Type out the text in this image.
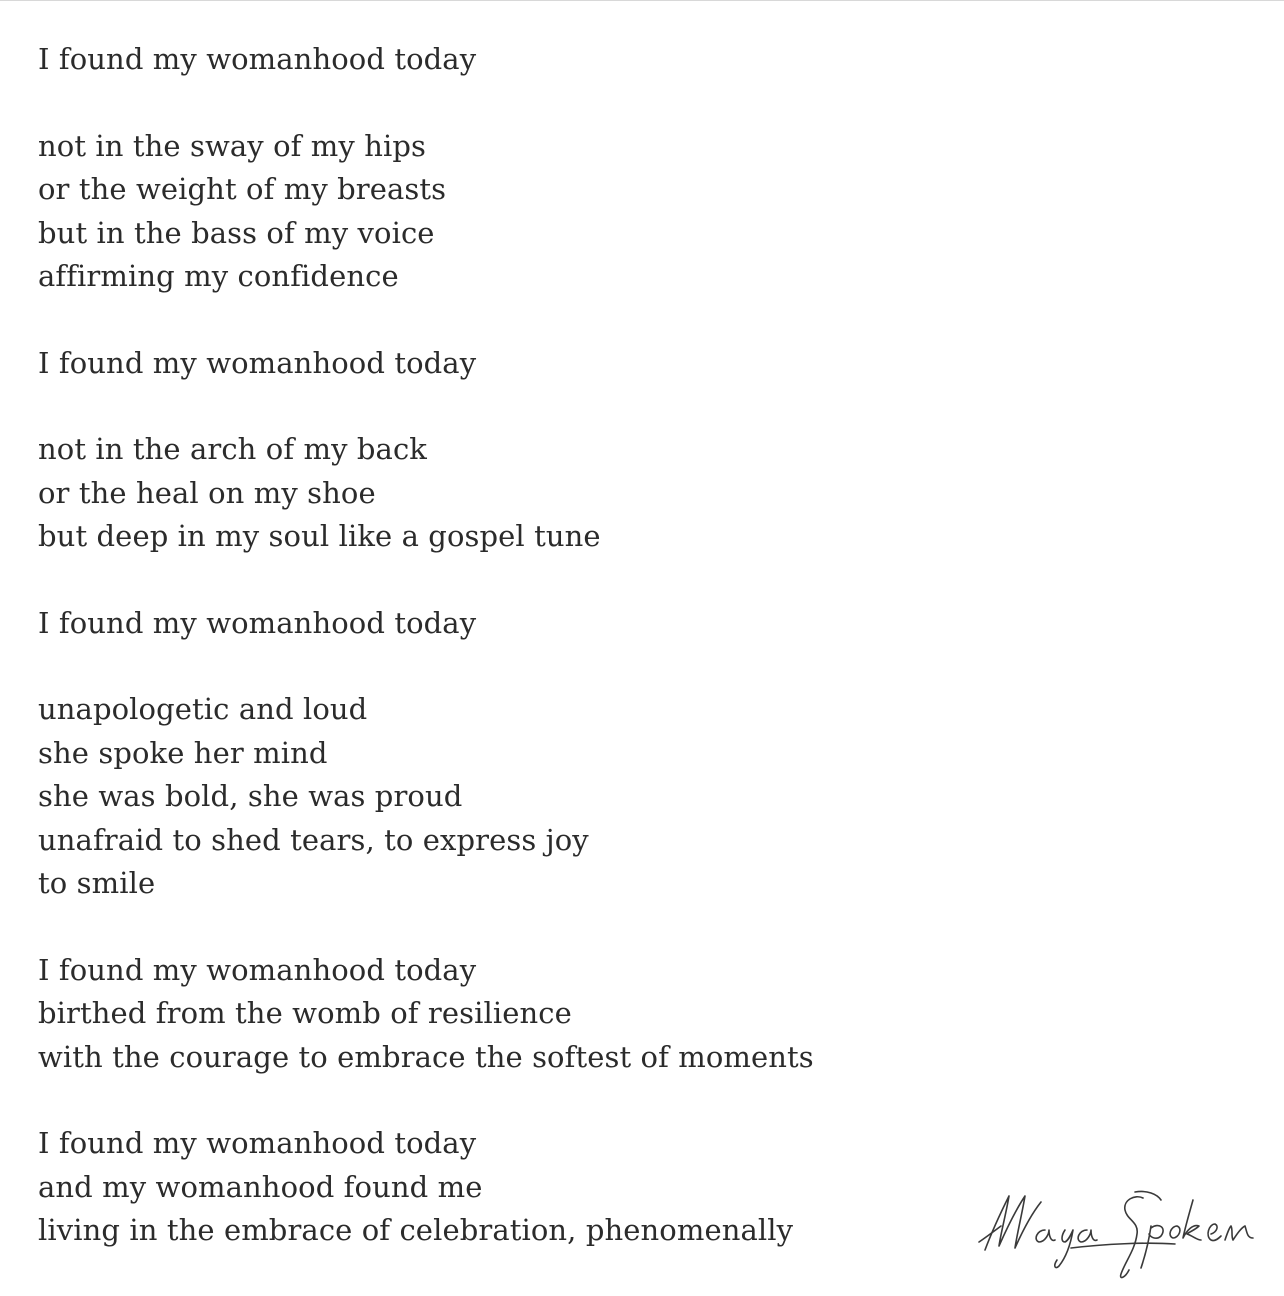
I found my womanhood today
not in the sway of my hips
or the weight of my breasts
but in the bass of my voice
affirming my confidence
I found my womanhood today
not in the arch of my back
or the heal on my shoe
but deep in my soul like a gospel tune
I found my womanhood today
unapologetic and loud
she spoke her mind
she was bold, she was proud
unafraid to shed tears, to express joy
to smile
I found my womanhood today
birthed from the womb of resilience
with the courage to embrace the softest of moments
I found my womanhood today
and my womanhood found me
living in the embrace of celebration, phenomenally
